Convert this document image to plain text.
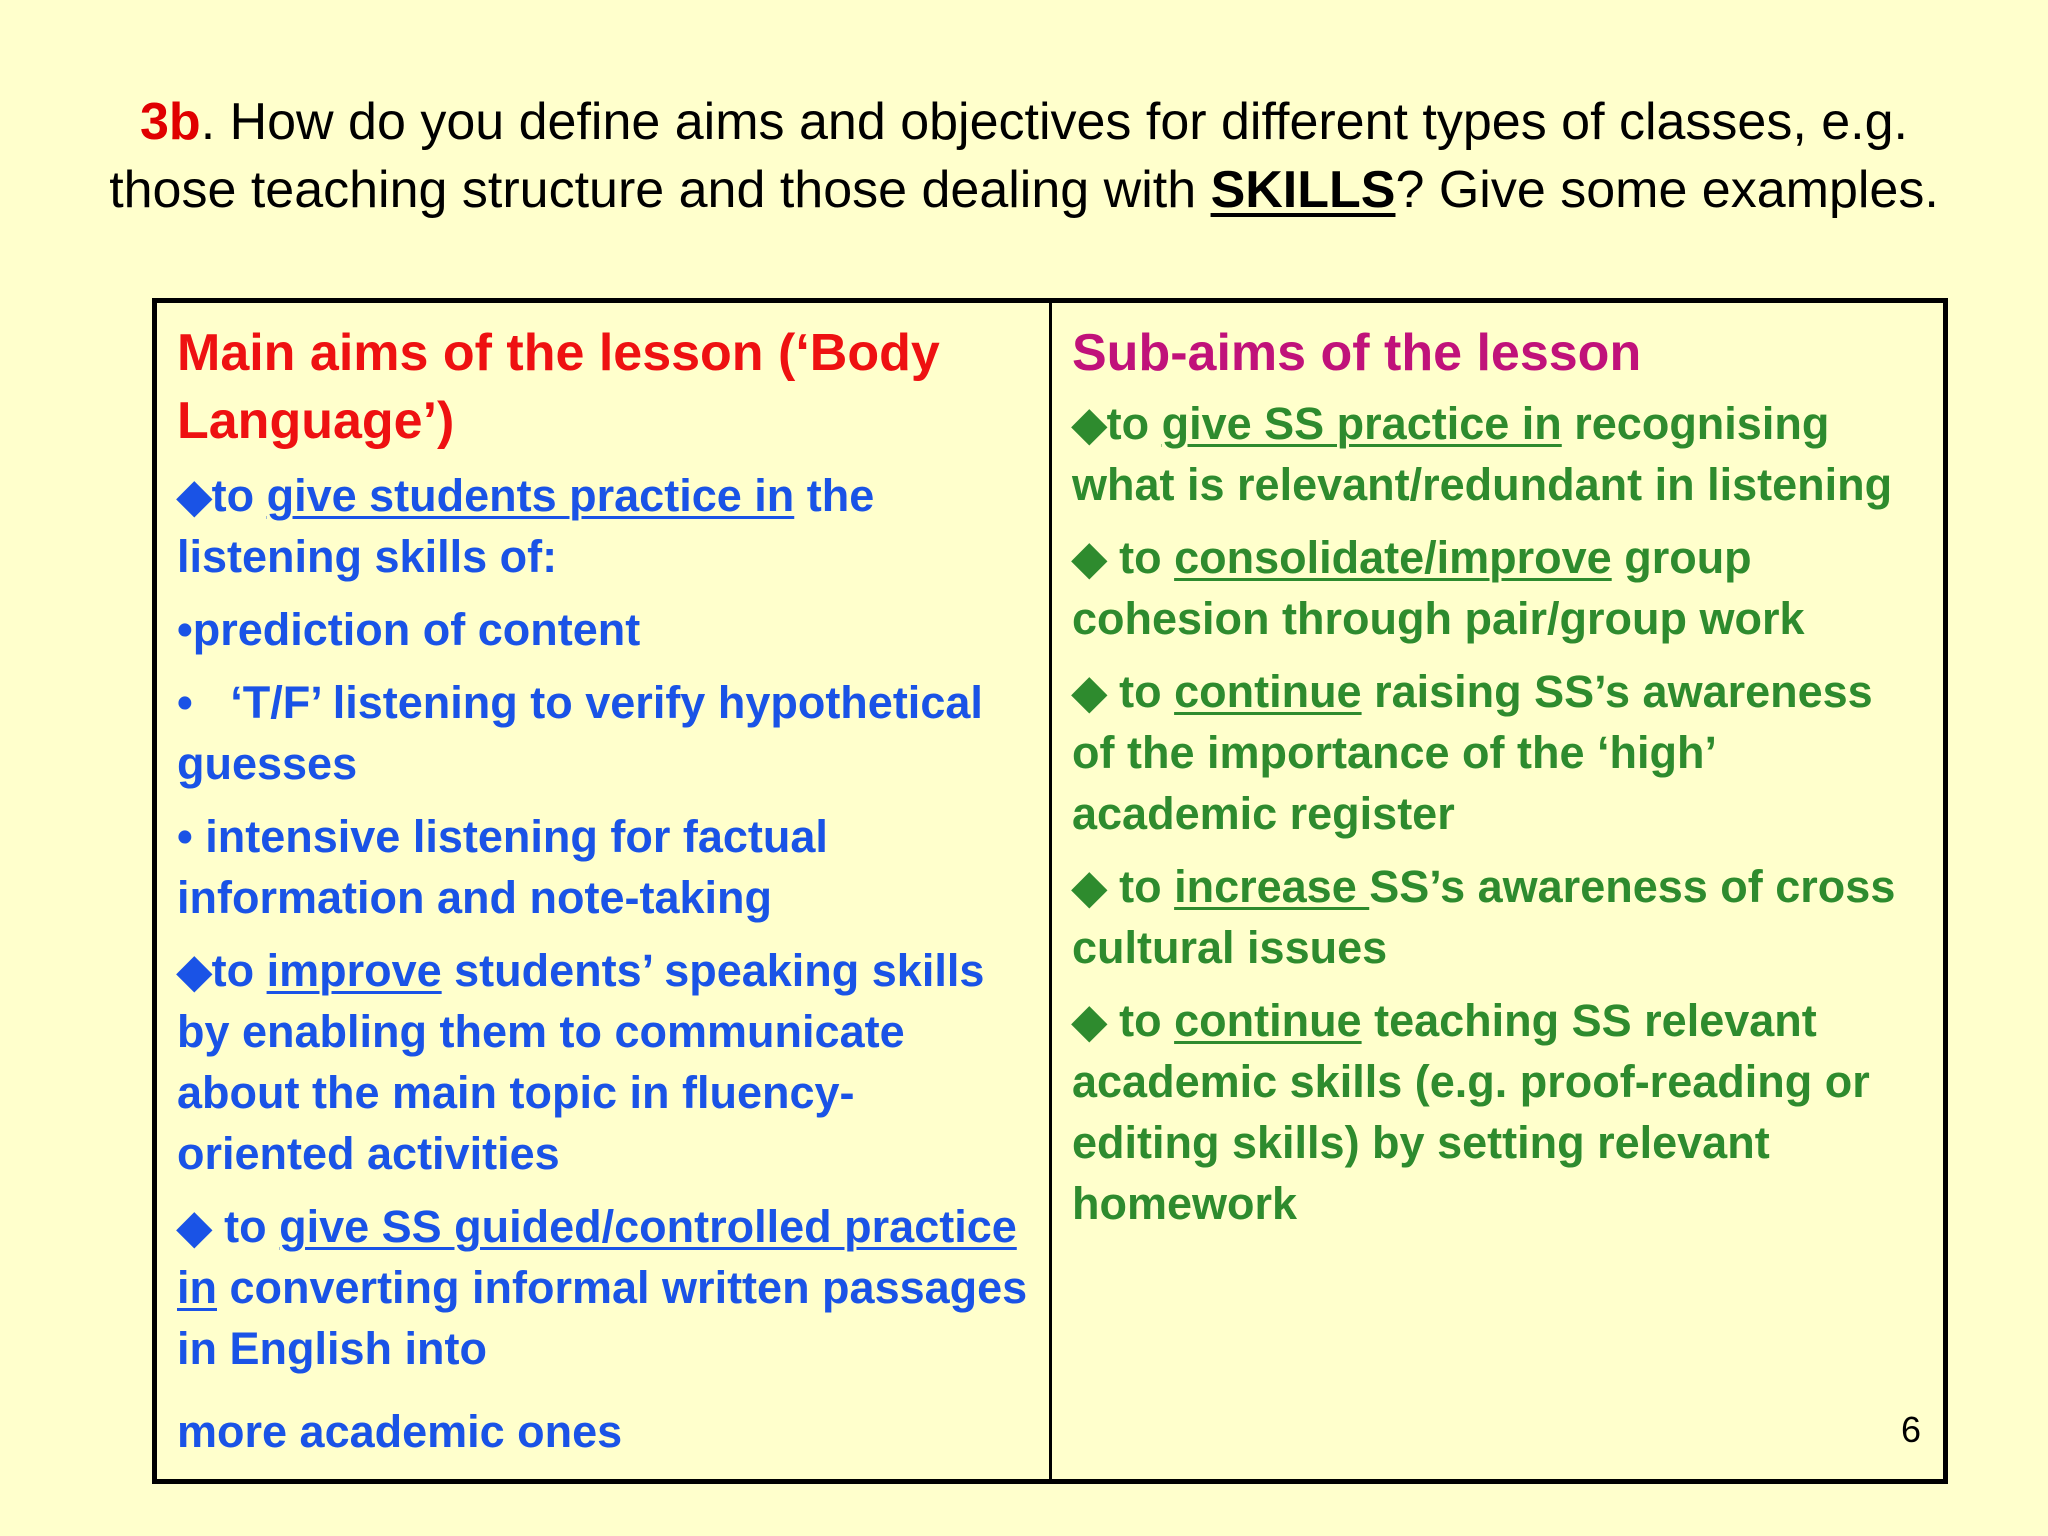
3b. How do you define aims and objectives for different types of classes, e.g. those teaching structure and those dealing with SKILLS? Give some examples.
Main aims of the lesson (‘Body Language’)
◆to give students practice in the listening skills of:
•prediction of content
•   ‘T/F’ listening to verify hypothetical guesses
• intensive listening for factual information and note-taking
◆to improve students’ speaking skills by enabling them to communicate about the main topic in fluency-oriented activities
◆ to give SS guided/controlled practice in converting informal written passages in English into
more academic ones
Sub-aims of the lesson
◆to give SS practice in recognising what is relevant/redundant in listening
◆ to consolidate/improve group cohesion through pair/group work
◆ to continue raising SS’s awareness of the importance of the ‘high’ academic register
◆ to increase SS’s awareness of cross cultural issues
◆ to continue teaching SS relevant academic skills (e.g. proof-reading or editing skills) by setting relevant homework
6
